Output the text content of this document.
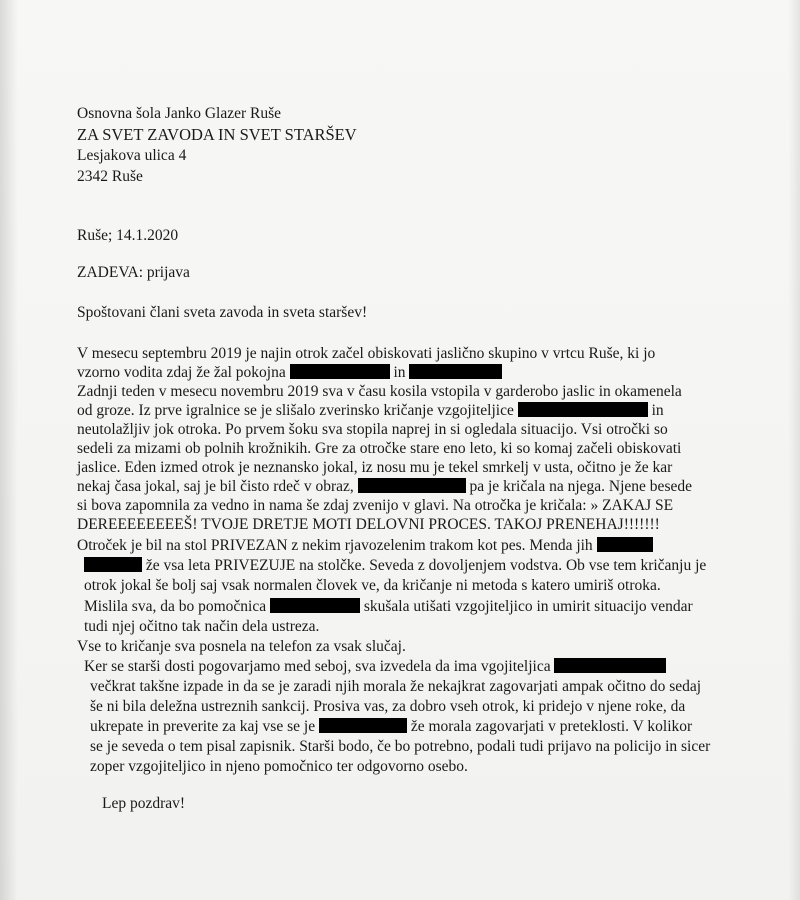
Osnovna šola Janko Glazer Ruše
ZA SVET ZAVODA IN SVET STARŠEV
Lesjakova ulica 4
2342 Ruše
Ruše; 14.1.2020
ZADEVA: prijava
Spoštovani člani sveta zavoda in sveta staršev!
V mesecu septembru 2019 je najin otrok začel obiskovati jaslično skupino v vrtcu Ruše, ki jo
vzorno vodita zdaj že žal pokojna	in
Zadnji teden v mesecu novembru 2019 sva v času kosila vstopila v garderobo jaslic in okamenela
od groze. Iz prve igralnice se je slišalo zverinsko kričanje vzgojiteljice	in
neutolažljiv jok otroka. Po prvem šoku sva stopila naprej in si ogledala situacijo. Vsi otročki so
sedeli za mizami ob polnih krožnikih. Gre za otročke stare eno leto, ki so komaj začeli obiskovati
jaslice. Eden izmed otrok je neznansko jokal, iz nosu mu je tekel smrkelj v usta, očitno je že kar
nekaj časa jokal, saj je bil čisto rdeč v obraz,	pa je kričala na njega. Njene besede
si bova zapomnila za vedno in nama še zdaj zvenijo v glavi. Na otročka je kričala: » ZAKAJ SE
DEREEEEEEEEŠ! TVOJE DRETJE MOTI DELOVNI PROCES. TAKOJ PRENEHAJ!!!!!!!
Otroček je bil na stol PRIVEZAN z nekim rjavozelenim trakom kot pes. Menda jih
že vsa leta PRIVEZUJE na stolčke. Seveda z dovoljenjem vodstva. Ob vse tem kričanju je
otrok jokal še bolj saj vsak normalen človek ve, da kričanje ni metoda s katero umiriš otroka.
Mislila sva, da bo pomočnica	skušala utišati vzgojiteljico in umirit situacijo vendar
tudi njej očitno tak način dela ustreza.
Vse to kričanje sva posnela na telefon za vsak slučaj.
Ker se starši dosti pogovarjamo med seboj, sva izvedela da ima vgojiteljica
večkrat takšne izpade in da se je zaradi njih morala že nekajkrat zagovarjati ampak očitno do sedaj
še ni bila deležna ustreznih sankcij. Prosiva vas, za dobro vseh otrok, ki pridejo v njene roke, da
ukrepate in preverite za kaj vse se je	že morala zagovarjati v preteklosti. V kolikor
se je seveda o tem pisal zapisnik. Starši bodo, če bo potrebno, podali tudi prijavo na policijo in sicer
zoper vzgojiteljico in njeno pomočnico ter odgovorno osebo.
Lep pozdrav!
